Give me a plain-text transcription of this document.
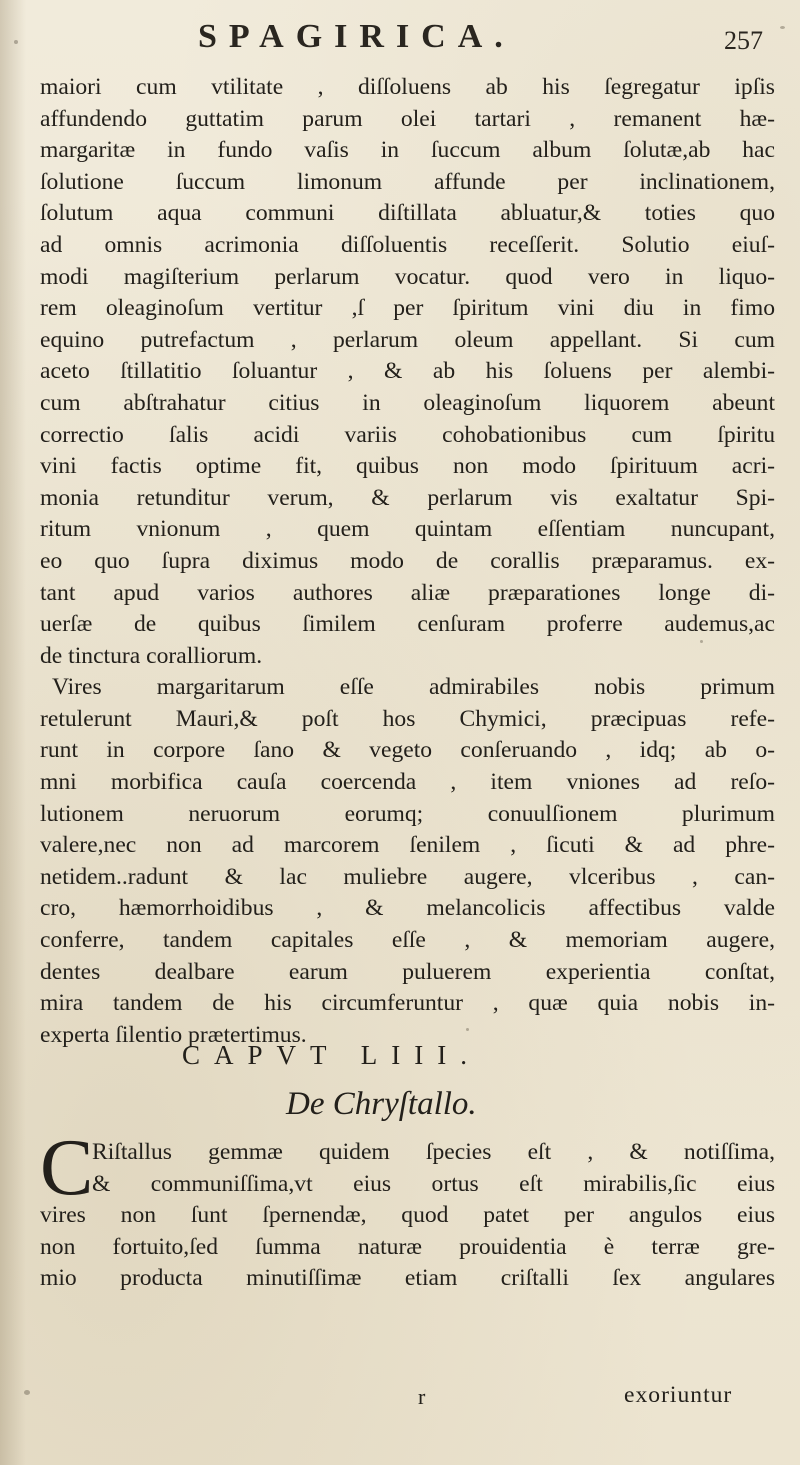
SPAGIRICA.	257
maiori cum vtilitate , diſſoluens ab his ſegregatur ipſis
affundendo guttatim parum olei tartari , remanent hæ-
margaritæ in fundo vaſis in ſuccum album ſolutæ,ab hac
ſolutione ſuccum limonum affunde per inclinationem,
ſolutum aqua communi diſtillata abluatur,& toties quo
ad omnis acrimonia diſſoluentis receſſerit. Solutio eiuſ-
modi magiſterium perlarum vocatur. quod vero in liquo-
rem oleaginoſum vertitur ,ſ per ſpiritum vini diu in fimo
equino putrefactum , perlarum oleum appellant. Si cum
aceto ſtillatitio ſoluantur , & ab his ſoluens per alembi-
cum abſtrahatur citius in oleaginoſum liquorem abeunt
correctio ſalis acidi variis cohobationibus cum ſpiritu
vini factis optime fit, quibus non modo ſpirituum acri-
monia retunditur verum, & perlarum vis exaltatur Spi-
ritum vnionum , quem quintam eſſentiam nuncupant,
eo quo ſupra diximus modo de corallis præparamus. ex-
tant apud varios authores aliæ præparationes longe di-
uerſæ de quibus ſimilem cenſuram proferre audemus,ac
de tinctura coralliorum.
Vires margaritarum eſſe admirabiles nobis primum
retulerunt Mauri,& poſt hos Chymici, præcipuas refe-
runt in corpore ſano & vegeto conſeruando , idq; ab o-
mni morbifica cauſa coercenda , item vniones ad reſo-
lutionem neruorum eorumq; conuulſionem plurimum
valere,nec non ad marcorem ſenilem , ſicuti & ad phre-
netidem..radunt & lac muliebre augere, vlceribus , can-
cro, hæmorrhoidibus , & melancolicis affectibus valde
conferre, tandem capitales eſſe , & memoriam augere,
dentes dealbare earum puluerem experientia conſtat,
mira tandem de his circumferuntur , quæ quia nobis in-
experta ſilentio prætertimus.
CAPVT LIII.
De Chryſtallo.
C
Riſtallus gemmæ quidem ſpecies eſt , & notiſſima,
& communiſſima,vt eius ortus eſt mirabilis,ſic eius
vires non ſunt ſpernendæ, quod patet per angulos eius
non fortuito,ſed ſumma naturæ prouidentia è terræ gre-
mio producta minutiſſimæ etiam criſtalli ſex angulares
r	exoriuntur
